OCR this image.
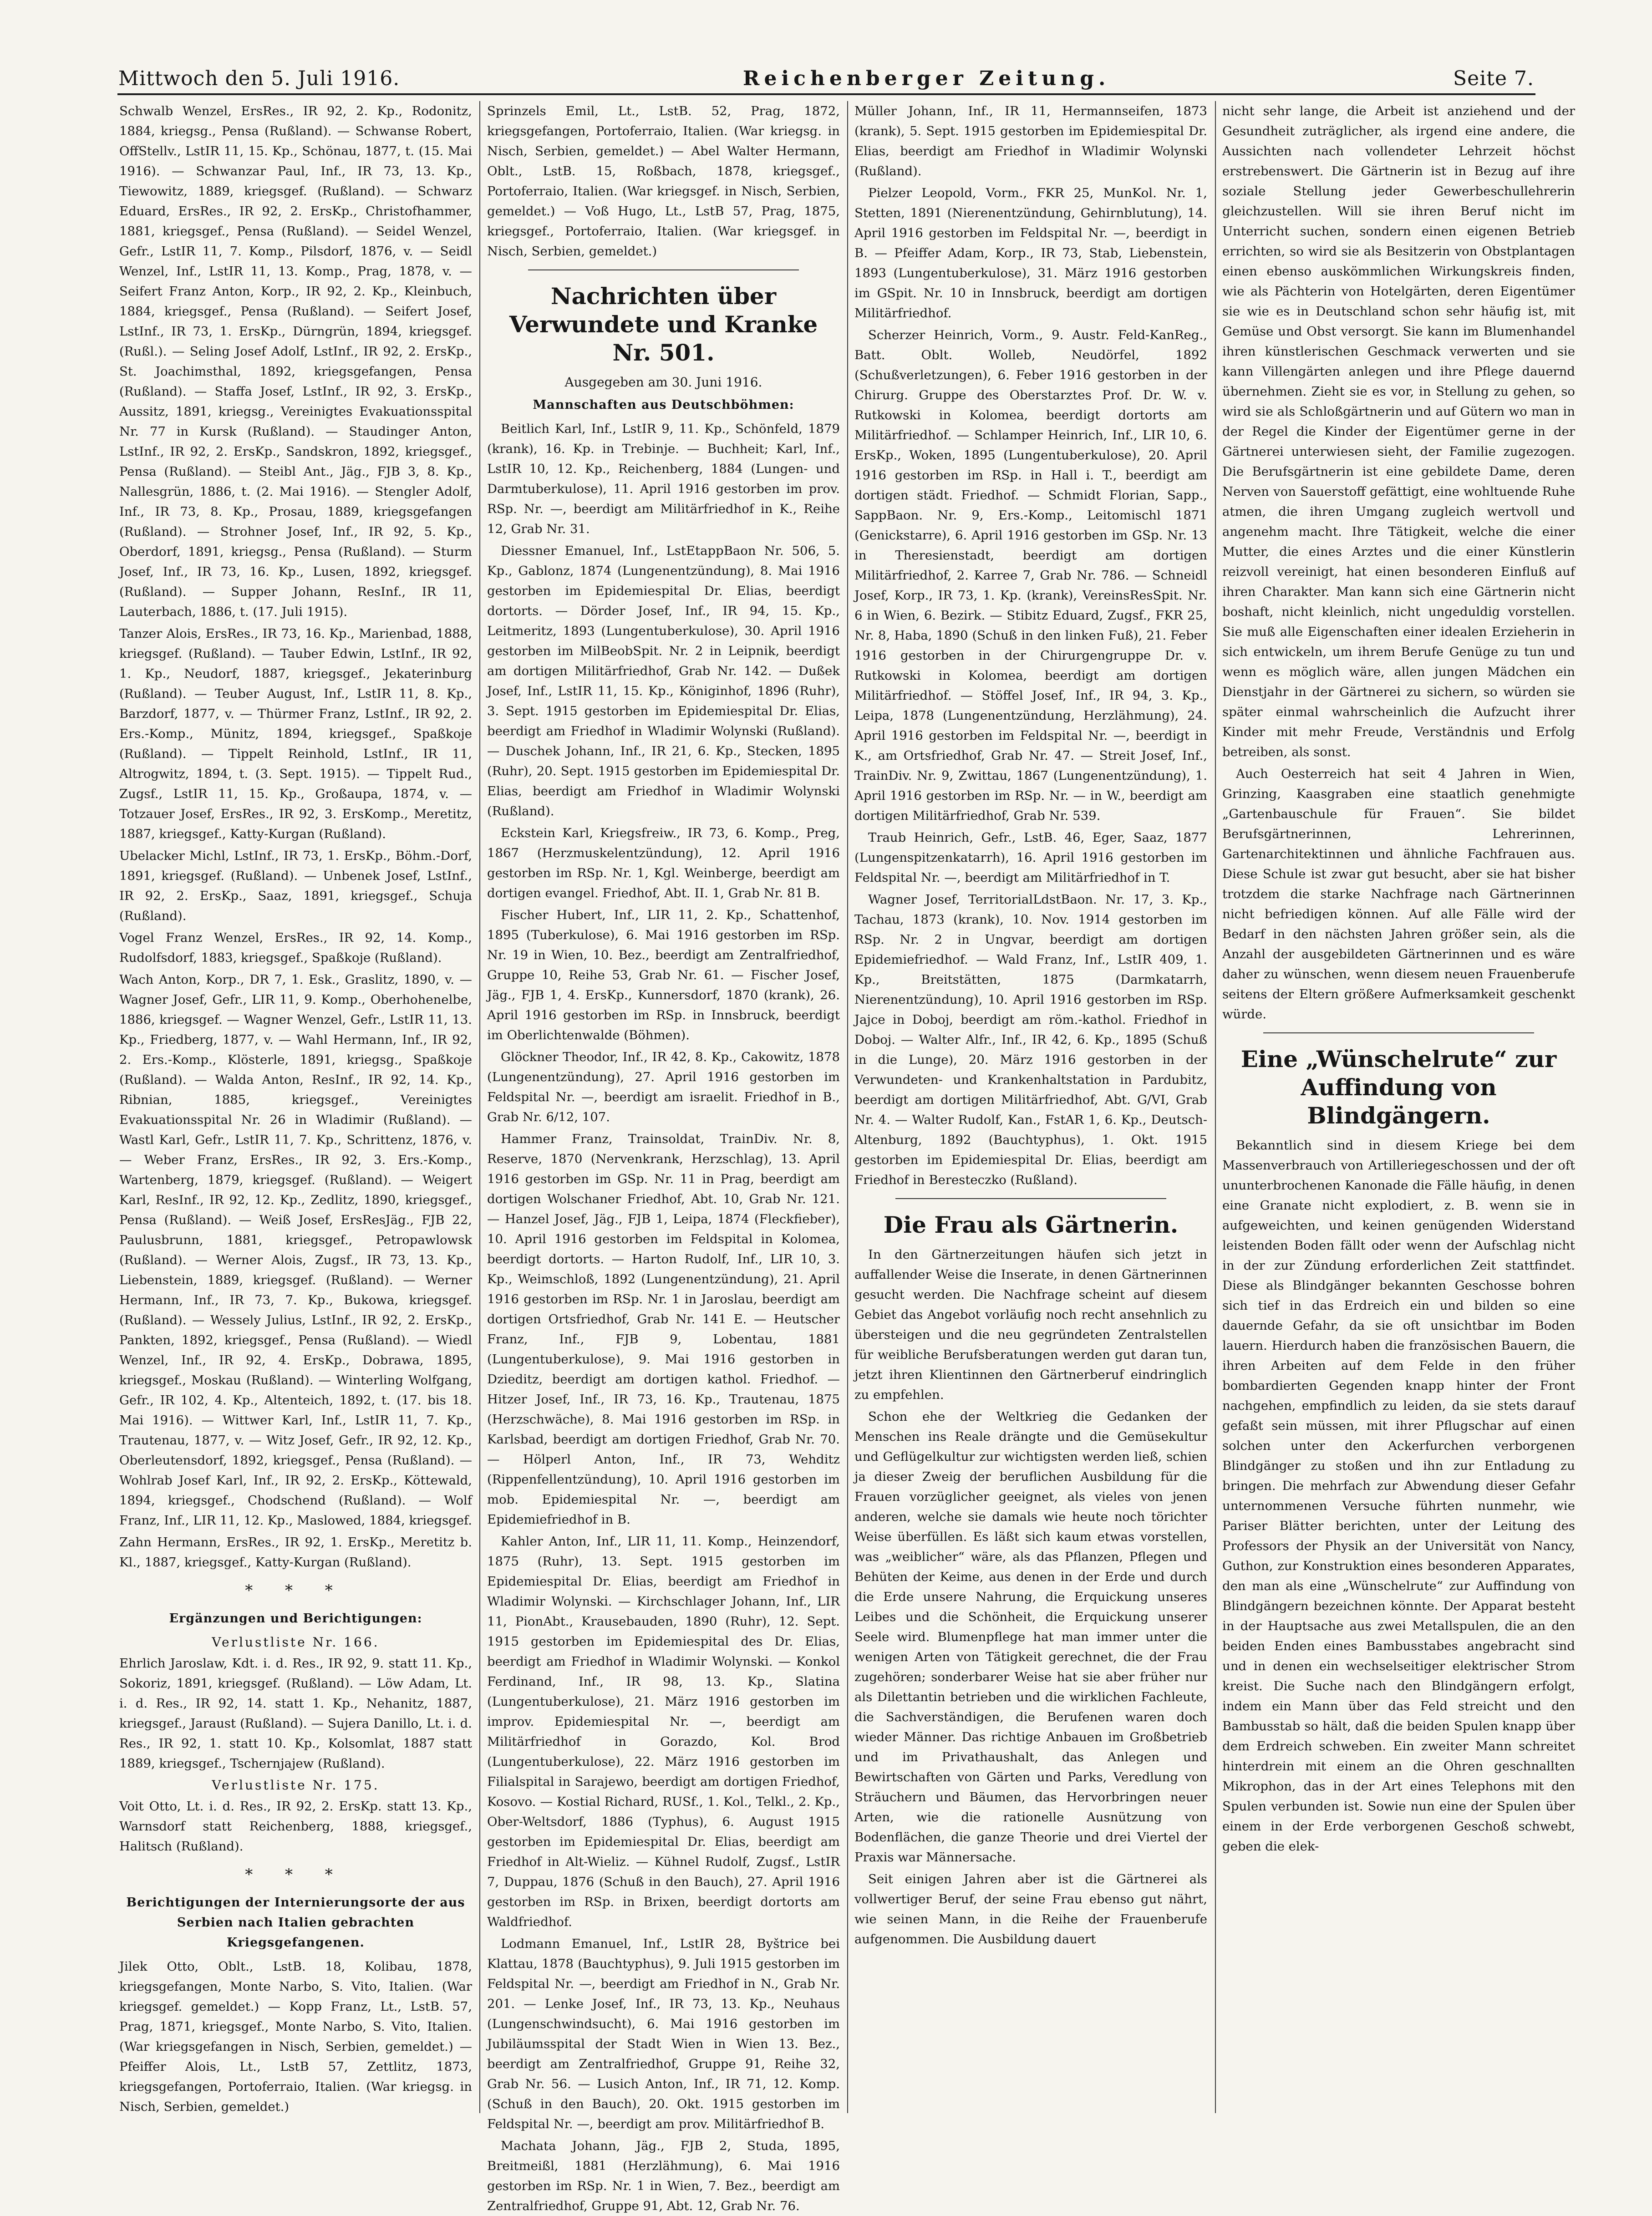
Mittwoch den 5. Juli 1916.	Reichenberger Zeitung.	Seite 7.

Schwalb Wenzel, ErsRes., IR 92, 2. Kp., Rodonitz, 1884, kriegsg., Pensa (Rußland). — Schwanse Robert, OffStellv., LstIR 11, 15. Kp., Schönau, 1877, t. (15. Mai 1916). — Schwanzar Paul, Inf., IR 73, 13. Kp., Tiewowitz, 1889, kriegsgef. (Rußland). — Schwarz Eduard, ErsRes., IR 92, 2. ErsKp., Christofhammer, 1881, kriegsgef., Pensa (Rußland). — Seidel Wenzel, Gefr., LstIR 11, 7. Komp., Pilsdorf, 1876, v. — Seidl Wenzel, Inf., LstIR 11, 13. Komp., Prag, 1878, v. — Seifert Franz Anton, Korp., IR 92, 2. Kp., Kleinbuch, 1884, kriegsgef., Pensa (Rußland). — Seifert Josef, LstInf., IR 73, 1. ErsKp., Dürngrün, 1894, kriegsgef. (Rußl.). — Seling Josef Adolf, LstInf., IR 92, 2. ErsKp., St. Joachimsthal, 1892, kriegsgefangen, Pensa (Rußland). — Staffa Josef, LstInf., IR 92, 3. ErsKp., Aussitz, 1891, kriegsg., Vereinigtes Evakuationsspital Nr. 77 in Kursk (Rußland). — Staudinger Anton, LstInf., IR 92, 2. ErsKp., Sandskron, 1892, kriegsgef., Pensa (Rußland). — Steibl Ant., Jäg., FJB 3, 8. Kp., Nallesgrün, 1886, t. (2. Mai 1916). — Stengler Adolf, Inf., IR 73, 8. Kp., Prosau, 1889, kriegsgefangen (Rußland). — Strohner Josef, Inf., IR 92, 5. Kp., Oberdorf, 1891, kriegsg., Pensa (Rußland). — Sturm Josef, Inf., IR 73, 16. Kp., Lusen, 1892, kriegsgef. (Rußland). — Supper Johann, ResInf., IR 11, Lauterbach, 1886, t. (17. Juli 1915).

Tanzer Alois, ErsRes., IR 73, 16. Kp., Marienbad, 1888, kriegsgef. (Rußland). — Tauber Edwin, LstInf., IR 92, 1. Kp., Neudorf, 1887, kriegsgef., Jekaterinburg (Rußland). — Teuber August, Inf., LstIR 11, 8. Kp., Barzdorf, 1877, v. — Thürmer Franz, LstInf., IR 92, 2. Ers.-Komp., Münitz, 1894, kriegsgef., Spaßkoje (Rußland). — Tippelt Reinhold, LstInf., IR 11, Altrogwitz, 1894, t. (3. Sept. 1915). — Tippelt Rud., Zugsf., LstIR 11, 15. Kp., Großaupa, 1874, v. — Totzauer Josef, ErsRes., IR 92, 3. ErsKomp., Meretitz, 1887, kriegsgef., Katty-Kurgan (Rußland).

Ubelacker Michl, LstInf., IR 73, 1. ErsKp., Böhm.-Dorf, 1891, kriegsgef. (Rußland). — Unbenek Josef, LstInf., IR 92, 2. ErsKp., Saaz, 1891, kriegsgef., Schuja (Rußland).

Vogel Franz Wenzel, ErsRes., IR 92, 14. Komp., Rudolfsdorf, 1883, kriegsgef., Spaßkoje (Rußland).

Wach Anton, Korp., DR 7, 1. Esk., Graslitz, 1890, v. — Wagner Josef, Gefr., LIR 11, 9. Komp., Oberhohenelbe, 1886, kriegsgef. — Wagner Wenzel, Gefr., LstIR 11, 13. Kp., Friedberg, 1877, v. — Wahl Hermann, Inf., IR 92, 2. Ers.-Komp., Klösterle, 1891, kriegsg., Spaßkoje (Rußland). — Walda Anton, ResInf., IR 92, 14. Kp., Ribnian, 1885, kriegsgef., Vereinigtes Evakuationsspital Nr. 26 in Wladimir (Rußland). — Wastl Karl, Gefr., LstIR 11, 7. Kp., Schrittenz, 1876, v. — Weber Franz, ErsRes., IR 92, 3. Ers.-Komp., Wartenberg, 1879, kriegsgef. (Rußland). — Weigert Karl, ResInf., IR 92, 12. Kp., Zedlitz, 1890, kriegsgef., Pensa (Rußland). — Weiß Josef, ErsResJäg., FJB 22, Paulusbrunn, 1881, kriegsgef., Petropawlowsk (Rußland). — Werner Alois, Zugsf., IR 73, 13. Kp., Liebenstein, 1889, kriegsgef. (Rußland). — Werner Hermann, Inf., IR 73, 7. Kp., Bukowa, kriegsgef. (Rußland). — Wessely Julius, LstInf., IR 92, 2. ErsKp., Pankten, 1892, kriegsgef., Pensa (Rußland). — Wiedl Wenzel, Inf., IR 92, 4. ErsKp., Dobrawa, 1895, kriegsgef., Moskau (Rußland). — Winterling Wolfgang, Gefr., IR 102, 4. Kp., Altenteich, 1892, t. (17. bis 18. Mai 1916). — Wittwer Karl, Inf., LstIR 11, 7. Kp., Trautenau, 1877, v. — Witz Josef, Gefr., IR 92, 12. Kp., Oberleutensdorf, 1892, kriegsgef., Pensa (Rußland). — Wohlrab Josef Karl, Inf., IR 92, 2. ErsKp., Köttewald, 1894, kriegsgef., Chodschend (Rußland). — Wolf Franz, Inf., LIR 11, 12. Kp., Maslowed, 1884, kriegsgef.

Zahn Hermann, ErsRes., IR 92, 1. ErsKp., Meretitz b. Kl., 1887, kriegsgef., Katty-Kurgan (Rußland).

* * *
Ergänzungen und Berichtigungen:
Verlustliste Nr. 166.

Ehrlich Jaroslaw, Kdt. i. d. Res., IR 92, 9. statt 11. Kp., Sokoriz, 1891, kriegsgef. (Rußland). — Löw Adam, Lt. i. d. Res., IR 92, 14. statt 1. Kp., Nehanitz, 1887, kriegsgef., Jaraust (Rußland). — Sujera Danillo, Lt. i. d. Res., IR 92, 1. statt 10. Kp., Kolsomlat, 1887 statt 1889, kriegsgef., Tschernjajew (Rußland).

Verlustliste Nr. 175.

Voit Otto, Lt. i. d. Res., IR 92, 2. ErsKp. statt 13. Kp., Warnsdorf statt Reichenberg, 1888, kriegsgef., Halitsch (Rußland).

* * *
Berichtigungen der Internierungsorte der aus Serbien nach Italien gebrachten Kriegsgefangenen.

Jilek Otto, Oblt., LstB. 18, Kolibau, 1878, kriegsgefangen, Monte Narbo, S. Vito, Italien. (War kriegsgef. gemeldet.) — Kopp Franz, Lt., LstB. 57, Prag, 1871, kriegsgef., Monte Narbo, S. Vito, Italien. (War kriegsgefangen in Nisch, Serbien, gemeldet.) — Pfeiffer Alois, Lt., LstB 57, Zettlitz, 1873, kriegsgefangen, Portoferraio, Italien. (War kriegsg. in Nisch, Serbien, gemeldet.)

Sprinzels Emil, Lt., LstB. 52, Prag, 1872, kriegsgefangen, Portoferraio, Italien. (War kriegsg. in Nisch, Serbien, gemeldet.) — Abel Walter Hermann, Oblt., LstB. 15, Roßbach, 1878, kriegsgef., Portoferraio, Italien. (War kriegsgef. in Nisch, Serbien, gemeldet.) — Voß Hugo, Lt., LstB 57, Prag, 1875, kriegsgef., Portoferraio, Italien. (War kriegsgef. in Nisch, Serbien, gemeldet.)

Nachrichten über Verwundete und Kranke Nr. 501.
Ausgegeben am 30. Juni 1916.
Mannschaften aus Deutschböhmen:

Beitlich Karl, Inf., LstIR 9, 11. Kp., Schönfeld, 1879 (krank), 16. Kp. in Trebinje. — Buchheit; Karl, Inf., LstIR 10, 12. Kp., Reichenberg, 1884 (Lungen- und Darmtuberkulose), 11. April 1916 gestorben im prov. RSp. Nr. —, beerdigt am Militärfriedhof in K., Reihe 12, Grab Nr. 31.

Diessner Emanuel, Inf., LstEtappBaon Nr. 506, 5. Kp., Gablonz, 1874 (Lungenentzündung), 8. Mai 1916 gestorben im Epidemiespital Dr. Elias, beerdigt dortorts. — Dörder Josef, Inf., IR 94, 15. Kp., Leitmeritz, 1893 (Lungentuberkulose), 30. April 1916 gestorben im MilBeobSpit. Nr. 2 in Leipnik, beerdigt am dortigen Militärfriedhof, Grab Nr. 142. — Dußek Josef, Inf., LstIR 11, 15. Kp., Königinhof, 1896 (Ruhr), 3. Sept. 1915 gestorben im Epidemiespital Dr. Elias, beerdigt am Friedhof in Wladimir Wolynski (Rußland). — Duschek Johann, Inf., IR 21, 6. Kp., Stecken, 1895 (Ruhr), 20. Sept. 1915 gestorben im Epidemiespital Dr. Elias, beerdigt am Friedhof in Wladimir Wolynski (Rußland).

Eckstein Karl, Kriegsfreiw., IR 73, 6. Komp., Preg, 1867 (Herzmuskelentzündung), 12. April 1916 gestorben im RSp. Nr. 1, Kgl. Weinberge, beerdigt am dortigen evangel. Friedhof, Abt. II. 1, Grab Nr. 81 B.

Fischer Hubert, Inf., LIR 11, 2. Kp., Schattenhof, 1895 (Tuberkulose), 6. Mai 1916 gestorben im RSp. Nr. 19 in Wien, 10. Bez., beerdigt am Zentralfriedhof, Gruppe 10, Reihe 53, Grab Nr. 61. — Fischer Josef, Jäg., FJB 1, 4. ErsKp., Kunnersdorf, 1870 (krank), 26. April 1916 gestorben im RSp. in Innsbruck, beerdigt im Oberlichtenwalde (Böhmen).

Glöckner Theodor, Inf., IR 42, 8. Kp., Cakowitz, 1878 (Lungenentzündung), 27. April 1916 gestorben im Feldspital Nr. —, beerdigt am israelit. Friedhof in B., Grab Nr. 6/12, 107.

Hammer Franz, Trainsoldat, TrainDiv. Nr. 8, Reserve, 1870 (Nervenkrank, Herzschlag), 13. April 1916 gestorben im GSp. Nr. 11 in Prag, beerdigt am dortigen Wolschaner Friedhof, Abt. 10, Grab Nr. 121. — Hanzel Josef, Jäg., FJB 1, Leipa, 1874 (Fleckfieber), 10. April 1916 gestorben im Feldspital in Kolomea, beerdigt dortorts. — Harton Rudolf, Inf., LIR 10, 3. Kp., Weimschloß, 1892 (Lungenentzündung), 21. April 1916 gestorben im RSp. Nr. 1 in Jaroslau, beerdigt am dortigen Ortsfriedhof, Grab Nr. 141 E. — Heutscher Franz, Inf., FJB 9, Lobentau, 1881 (Lungentuberkulose), 9. Mai 1916 gestorben in Dzieditz, beerdigt am dortigen kathol. Friedhof. — Hitzer Josef, Inf., IR 73, 16. Kp., Trautenau, 1875 (Herzschwäche), 8. Mai 1916 gestorben im RSp. in Karlsbad, beerdigt am dortigen Friedhof, Grab Nr. 70. — Hölperl Anton, Inf., IR 73, Wehditz (Rippenfellentzündung), 10. April 1916 gestorben im mob. Epidemiespital Nr. —, beerdigt am Epidemiefriedhof in B.

Kahler Anton, Inf., LIR 11, 11. Komp., Heinzendorf, 1875 (Ruhr), 13. Sept. 1915 gestorben im Epidemiespital Dr. Elias, beerdigt am Friedhof in Wladimir Wolynski. — Kirchschlager Johann, Inf., LIR 11, PionAbt., Krausebauden, 1890 (Ruhr), 12. Sept. 1915 gestorben im Epidemiespital des Dr. Elias, beerdigt am Friedhof in Wladimir Wolynski. — Konkol Ferdinand, Inf., IR 98, 13. Kp., Slatina (Lungentuberkulose), 21. März 1916 gestorben im improv. Epidemiespital Nr. —, beerdigt am Militärfriedhof in Gorazdo, Kol. Brod (Lungentuberkulose), 22. März 1916 gestorben im Filialspital in Sarajewo, beerdigt am dortigen Friedhof, Kosovo. — Kostial Richard, RUSf., 1. Kol., Telkl., 2. Kp., Ober-Weltsdorf, 1886 (Typhus), 6. August 1915 gestorben im Epidemiespital Dr. Elias, beerdigt am Friedhof in Alt-Wieliz. — Kühnel Rudolf, Zugsf., LstIR 7, Duppau, 1876 (Schuß in den Bauch), 27. April 1916 gestorben im RSp. in Brixen, beerdigt dortorts am Waldfriedhof.

Lodmann Emanuel, Inf., LstIR 28, Byštrice bei Klattau, 1878 (Bauchtyphus), 9. Juli 1915 gestorben im Feldspital Nr. —, beerdigt am Friedhof in N., Grab Nr. 201. — Lenke Josef, Inf., IR 73, 13. Kp., Neuhaus (Lungenschwindsucht), 6. Mai 1916 gestorben im Jubiläumsspital der Stadt Wien in Wien 13. Bez., beerdigt am Zentralfriedhof, Gruppe 91, Reihe 32, Grab Nr. 56. — Lusich Anton, Inf., IR 71, 12. Komp. (Schuß in den Bauch), 20. Okt. 1915 gestorben im Feldspital Nr. —, beerdigt am prov. Militärfriedhof B.

Machata Johann, Jäg., FJB 2, Studa, 1895, Breitmeißl, 1881 (Herzlähmung), 6. Mai 1916 gestorben im RSp. Nr. 1 in Wien, 7. Bez., beerdigt am Zentralfriedhof, Gruppe 91, Abt. 12, Grab Nr. 76.

Müller Johann, Inf., IR 11, Hermannseifen, 1873 (krank), 5. Sept. 1915 gestorben im Epidemiespital Dr. Elias, beerdigt am Friedhof in Wladimir Wolynski (Rußland).

Pielzer Leopold, Vorm., FKR 25, MunKol. Nr. 1, Stetten, 1891 (Nierenentzündung, Gehirnblutung), 14. April 1916 gestorben im Feldspital Nr. —, beerdigt in B. — Pfeiffer Adam, Korp., IR 73, Stab, Liebenstein, 1893 (Lungentuberkulose), 31. März 1916 gestorben im GSpit. Nr. 10 in Innsbruck, beerdigt am dortigen Militärfriedhof.

Scherzer Heinrich, Vorm., 9. Austr. Feld-KanReg., Batt. Oblt. Wolleb, Neudörfel, 1892 (Schußverletzungen), 6. Feber 1916 gestorben in der Chirurg. Gruppe des Oberstarztes Prof. Dr. W. v. Rutkowski in Kolomea, beerdigt dortorts am Militärfriedhof. — Schlamper Heinrich, Inf., LIR 10, 6. ErsKp., Woken, 1895 (Lungentuberkulose), 20. April 1916 gestorben im RSp. in Hall i. T., beerdigt am dortigen städt. Friedhof. — Schmidt Florian, Sapp., SappBaon. Nr. 9, Ers.-Komp., Leitomischl 1871 (Genickstarre), 6. April 1916 gestorben im GSp. Nr. 13 in Theresienstadt, beerdigt am dortigen Militärfriedhof, 2. Karree 7, Grab Nr. 786. — Schneidl Josef, Korp., IR 73, 1. Kp. (krank), VereinsResSpit. Nr. 6 in Wien, 6. Bezirk. — Stibitz Eduard, Zugsf., FKR 25, Nr. 8, Haba, 1890 (Schuß in den linken Fuß), 21. Feber 1916 gestorben in der Chirurgengruppe Dr. v. Rutkowski in Kolomea, beerdigt am dortigen Militärfriedhof. — Stöffel Josef, Inf., IR 94, 3. Kp., Leipa, 1878 (Lungenentzündung, Herzlähmung), 24. April 1916 gestorben im Feldspital Nr. —, beerdigt in K., am Ortsfriedhof, Grab Nr. 47. — Streit Josef, Inf., TrainDiv. Nr. 9, Zwittau, 1867 (Lungenentzündung), 1. April 1916 gestorben im RSp. Nr. — in W., beerdigt am dortigen Militärfriedhof, Grab Nr. 539.

Traub Heinrich, Gefr., LstB. 46, Eger, Saaz, 1877 (Lungenspitzenkatarrh), 16. April 1916 gestorben im Feldspital Nr. —, beerdigt am Militärfriedhof in T.

Wagner Josef, TerritorialLdstBaon. Nr. 17, 3. Kp., Tachau, 1873 (krank), 10. Nov. 1914 gestorben im RSp. Nr. 2 in Ungvar, beerdigt am dortigen Epidemiefriedhof. — Wald Franz, Inf., LstIR 409, 1. Kp., Breitstätten, 1875 (Darmkatarrh, Nierenentzündung), 10. April 1916 gestorben im RSp. Jajce in Doboj, beerdigt am röm.-kathol. Friedhof in Doboj. — Walter Alfr., Inf., IR 42, 6. Kp., 1895 (Schuß in die Lunge), 20. März 1916 gestorben in der Verwundeten- und Krankenhaltstation in Pardubitz, beerdigt am dortigen Militärfriedhof, Abt. G/VI, Grab Nr. 4. — Walter Rudolf, Kan., FstAR 1, 6. Kp., Deutsch-Altenburg, 1892 (Bauchtyphus), 1. Okt. 1915 gestorben im Epidemiespital Dr. Elias, beerdigt am Friedhof in Beresteczko (Rußland).

Die Frau als Gärtnerin.

In den Gärtnerzeitungen häufen sich jetzt in auffallender Weise die Inserate, in denen Gärtnerinnen gesucht werden. Die Nachfrage scheint auf diesem Gebiet das Angebot vorläufig noch recht ansehnlich zu übersteigen und die neu gegründeten Zentralstellen für weibliche Berufsberatungen werden gut daran tun, jetzt ihren Klientinnen den Gärtnerberuf eindringlich zu empfehlen.

Schon ehe der Weltkrieg die Gedanken der Menschen ins Reale drängte und die Gemüsekultur und Geflügelkultur zur wichtigsten werden ließ, schien ja dieser Zweig der beruflichen Ausbildung für die Frauen vorzüglicher geeignet, als vieles von jenen anderen, welche sie damals wie heute noch törichter Weise überfüllen. Es läßt sich kaum etwas vorstellen, was „weiblicher“ wäre, als das Pflanzen, Pflegen und Behüten der Keime, aus denen in der Erde und durch die Erde unsere Nahrung, die Erquickung unseres Leibes und die Schönheit, die Erquickung unserer Seele wird. Blumenpflege hat man immer unter die wenigen Arten von Tätigkeit gerechnet, die der Frau zugehören; sonderbarer Weise hat sie aber früher nur als Dilettantin betrieben und die wirklichen Fachleute, die Sachverständigen, die Berufenen waren doch wieder Männer. Das richtige Anbauen im Großbetrieb und im Privathaushalt, das Anlegen und Bewirtschaften von Gärten und Parks, Veredlung von Sträuchern und Bäumen, das Hervorbringen neuer Arten, wie die rationelle Ausnützung von Bodenflächen, die ganze Theorie und drei Viertel der Praxis war Männersache.

Seit einigen Jahren aber ist die Gärtnerei als vollwertiger Beruf, der seine Frau ebenso gut nährt, wie seinen Mann, in die Reihe der Frauenberufe aufgenommen. Die Ausbildung dauert

nicht sehr lange, die Arbeit ist anziehend und der Gesundheit zuträglicher, als irgend eine andere, die Aussichten nach vollendeter Lehrzeit höchst erstrebenswert. Die Gärtnerin ist in Bezug auf ihre soziale Stellung jeder Gewerbeschullehrerin gleichzustellen. Will sie ihren Beruf nicht im Unterricht suchen, sondern einen eigenen Betrieb errichten, so wird sie als Besitzerin von Obstplantagen einen ebenso auskömmlichen Wirkungskreis finden, wie als Pächterin von Hotelgärten, deren Eigentümer sie wie es in Deutschland schon sehr häufig ist, mit Gemüse und Obst versorgt. Sie kann im Blumenhandel ihren künstlerischen Geschmack verwerten und sie kann Villengärten anlegen und ihre Pflege dauernd übernehmen. Zieht sie es vor, in Stellung zu gehen, so wird sie als Schloßgärtnerin und auf Gütern wo man in der Regel die Kinder der Eigentümer gerne in der Gärtnerei unterwiesen sieht, der Familie zugezogen. Die Berufsgärtnerin ist eine gebildete Dame, deren Nerven von Sauerstoff gefättigt, eine wohltuende Ruhe atmen, die ihren Umgang zugleich wertvoll und angenehm macht. Ihre Tätigkeit, welche die einer Mutter, die eines Arztes und die einer Künstlerin reizvoll vereinigt, hat einen besonderen Einfluß auf ihren Charakter. Man kann sich eine Gärtnerin nicht boshaft, nicht kleinlich, nicht ungeduldig vorstellen. Sie muß alle Eigenschaften einer idealen Erzieherin in sich entwickeln, um ihrem Berufe Genüge zu tun und wenn es möglich wäre, allen jungen Mädchen ein Dienstjahr in der Gärtnerei zu sichern, so würden sie später einmal wahrscheinlich die Aufzucht ihrer Kinder mit mehr Freude, Verständnis und Erfolg betreiben, als sonst.

Auch Oesterreich hat seit 4 Jahren in Wien, Grinzing, Kaasgraben eine staatlich genehmigte „Gartenbauschule für Frauen“. Sie bildet Berufsgärtnerinnen, Lehrerinnen, Gartenarchitektinnen und ähnliche Fachfrauen aus. Diese Schule ist zwar gut besucht, aber sie hat bisher trotzdem die starke Nachfrage nach Gärtnerinnen nicht befriedigen können. Auf alle Fälle wird der Bedarf in den nächsten Jahren größer sein, als die Anzahl der ausgebildeten Gärtnerinnen und es wäre daher zu wünschen, wenn diesem neuen Frauenberufe seitens der Eltern größere Aufmerksamkeit geschenkt würde.

Eine „Wünschelrute“ zur Auffindung von Blindgängern.

Bekanntlich sind in diesem Kriege bei dem Massenverbrauch von Artilleriegeschossen und der oft ununterbrochenen Kanonade die Fälle häufig, in denen eine Granate nicht explodiert, z. B. wenn sie in aufgeweichten, und keinen genügenden Widerstand leistenden Boden fällt oder wenn der Aufschlag nicht in der zur Zündung erforderlichen Zeit stattfindet. Diese als Blindgänger bekannten Geschosse bohren sich tief in das Erdreich ein und bilden so eine dauernde Gefahr, da sie oft unsichtbar im Boden lauern. Hierdurch haben die französischen Bauern, die ihren Arbeiten auf dem Felde in den früher bombardierten Gegenden knapp hinter der Front nachgehen, empfindlich zu leiden, da sie stets darauf gefaßt sein müssen, mit ihrer Pflugschar auf einen solchen unter den Ackerfurchen verborgenen Blindgänger zu stoßen und ihn zur Entladung zu bringen. Die mehrfach zur Abwendung dieser Gefahr unternommenen Versuche führten nunmehr, wie Pariser Blätter berichten, unter der Leitung des Professors der Physik an der Universität von Nancy, Guthon, zur Konstruktion eines besonderen Apparates, den man als eine „Wünschelrute“ zur Auffindung von Blindgängern bezeichnen könnte. Der Apparat besteht in der Hauptsache aus zwei Metallspulen, die an den beiden Enden eines Bambusstabes angebracht sind und in denen ein wechselseitiger elektrischer Strom kreist. Die Suche nach den Blindgängern erfolgt, indem ein Mann über das Feld streicht und den Bambusstab so hält, daß die beiden Spulen knapp über dem Erdreich schweben. Ein zweiter Mann schreitet hinterdrein mit einem an die Ohren geschnallten Mikrophon, das in der Art eines Telephons mit den Spulen verbunden ist. Sowie nun eine der Spulen über einem in der Erde verborgenen Geschoß schwebt, geben die elek-
